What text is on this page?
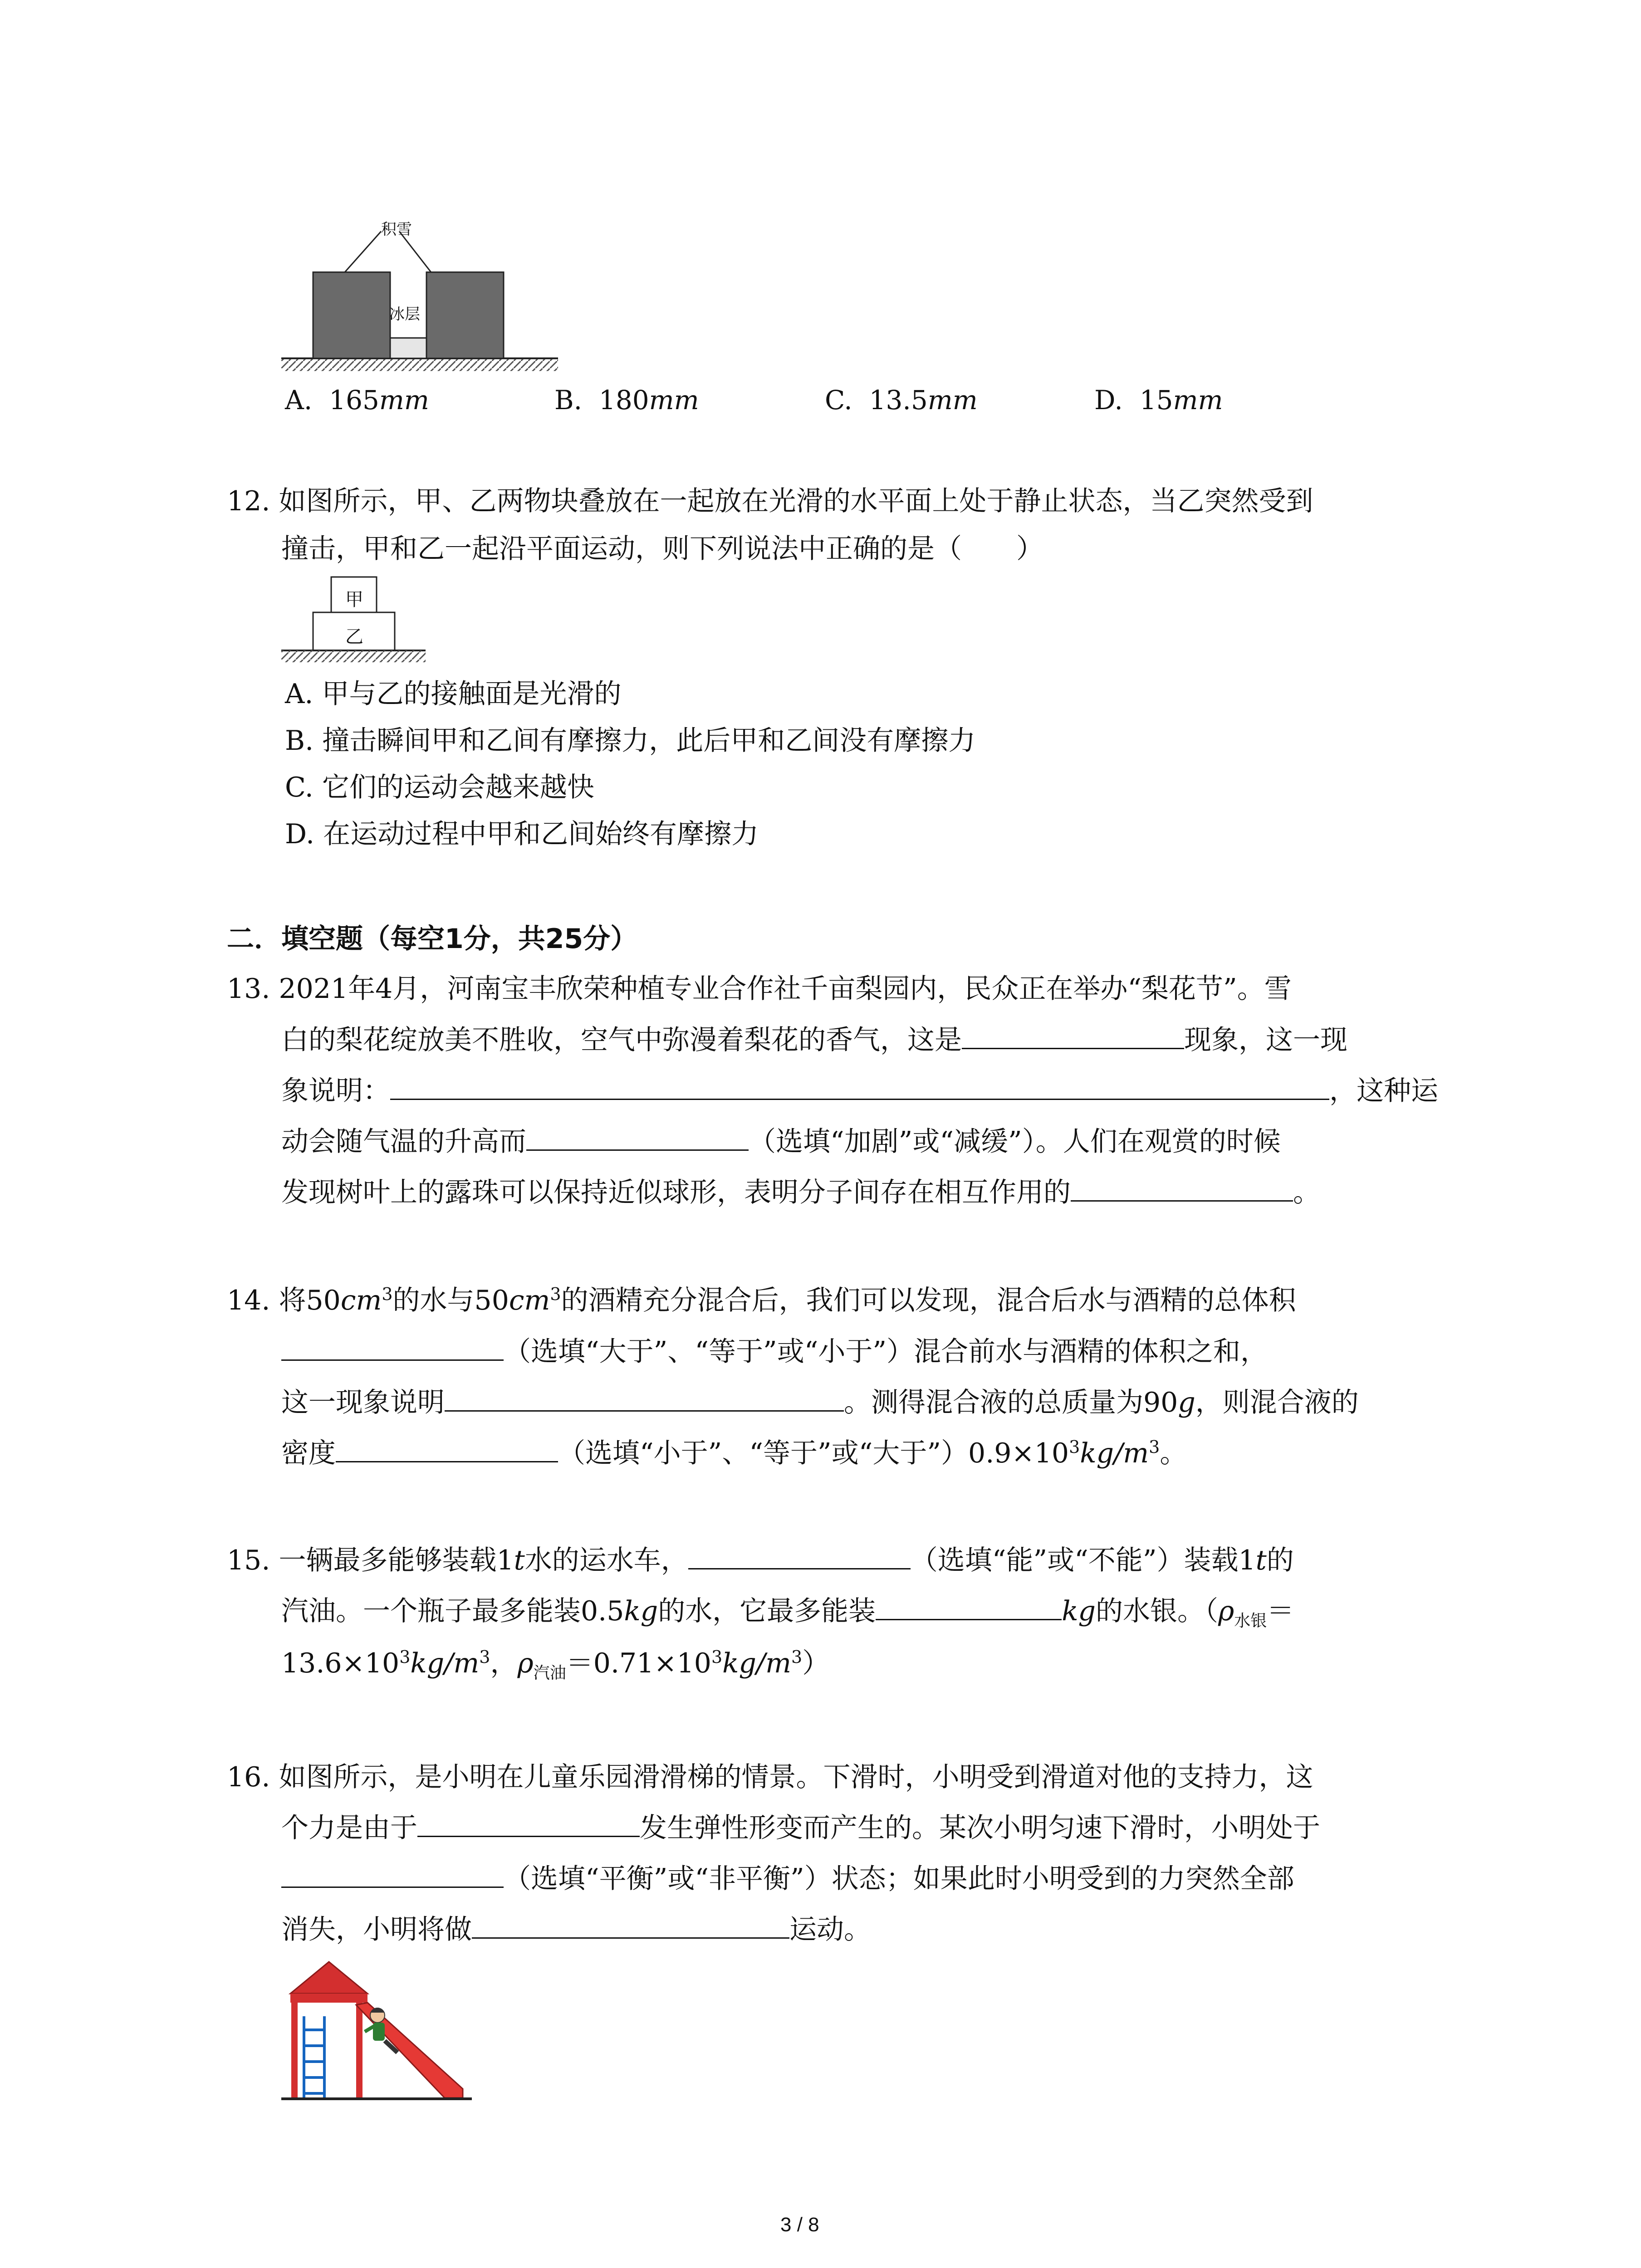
积雪
冰层
A.  165mm	B.  180mm	C.  13.5mm	D.  15mm
12. 如图所示，甲、乙两物块叠放在一起放在光滑的水平面上处于静止状态，当乙突然受到
撞击，甲和乙一起沿平面运动，则下列说法中正确的是（　　）
甲
乙
A. 甲与乙的接触面是光滑的
B. 撞击瞬间甲和乙间有摩擦力，此后甲和乙间没有摩擦力
C. 它们的运动会越来越快
D. 在运动过程中甲和乙间始终有摩擦力
二．填空题（每空1分，共25分）
13. 2021年4月，河南宝丰欣荣种植专业合作社千亩梨园内，民众正在举办“梨花节”。雪
白的梨花绽放美不胜收，空气中弥漫着梨花的香气，这是	现象，这一现
象说明：	，这种运
动会随气温的升高而	（选填“加剧”或“减缓”）。人们在观赏的时候
发现树叶上的露珠可以保持近似球形，表明分子间存在相互作用的	。
14. 将$50cm^3$的水与$50cm^3$的酒精充分混合后，我们可以发现，混合后水与酒精的总体积
（选填“大于”、“等于”或“小于”）混合前水与酒精的体积之和，
这一现象说明	。测得混合液的总质量为90g，则混合液的
密度	（选填“小于”、“等于”或“大于$”)0.9\times 10^3kg/m^3$。
15. 一辆最多能够装载1t水的运水车，	（选填“能”或“不能”）装载1t的
汽油。一个瓶子最多能装0.5kg的水，它最多能装	kg的水银。（$\rho_{水银}=$
$13.6\times 10^3kg/m^3$，$\rho_{汽油}=0.71\times 10^3kg/m^3$）
16. 如图所示，是小明在儿童乐园滑滑梯的情景。下滑时，小明受到滑道对他的支持力，这
个力是由于	发生弹性形变而产生的。某次小明匀速下滑时，小明处于
（选填“平衡”或“非平衡”）状态；如果此时小明受到的力突然全部
消失，小明将做	运动。
3 / 8
